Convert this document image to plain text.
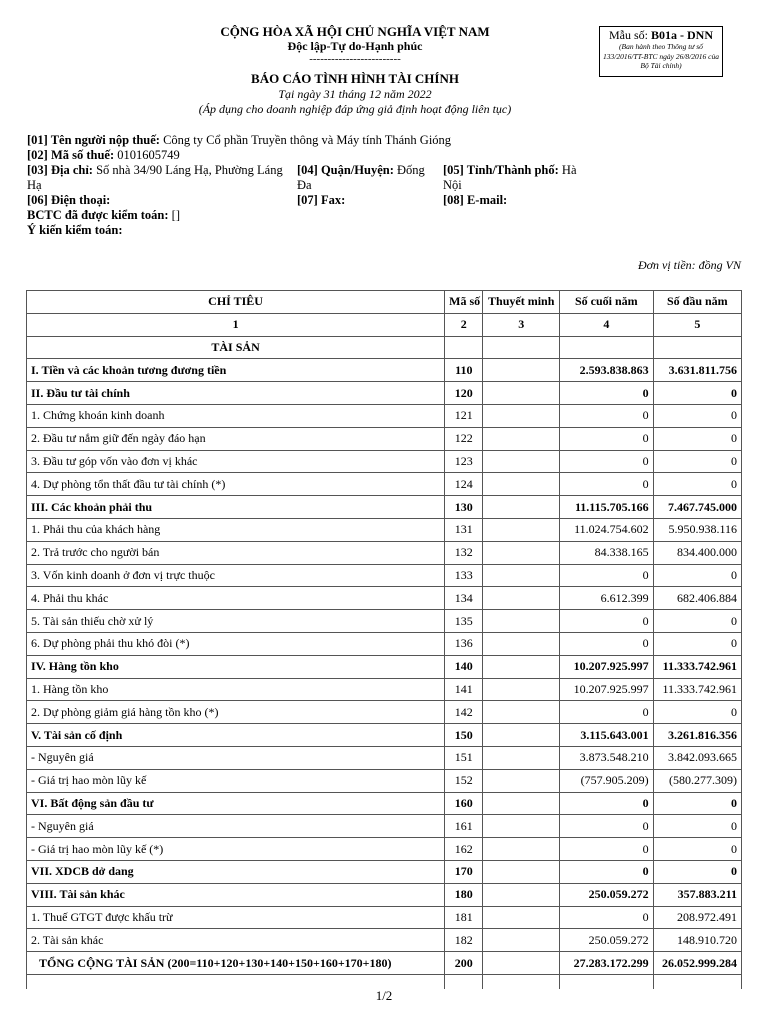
CỘNG HÒA XÃ HỘI CHỦ NGHĨA VIỆT NAM
Độc lập-Tự do-Hạnh phúc
-------------------------
BÁO CÁO TÌNH HÌNH TÀI CHÍNH
Tại ngày 31 tháng 12 năm 2022
(Áp dụng cho doanh nghiệp đáp ứng giả định hoạt động liên tục)
Mẫu số: B01a - DNN
(Ban hành theo Thông tư số 133/2016/TT-BTC ngày 26/8/2016 của Bộ Tài chính)
[01] Tên người nộp thuế: Công ty Cổ phần Truyền thông và Máy tính Thánh Gióng
[02] Mã số thuế: 0101605749
[03] Địa chỉ: Số nhà 34/90 Láng Hạ, Phường Láng Hạ
[04] Quận/Huyện: Đống Đa
[05] Tỉnh/Thành phố: Hà Nội
[06] Điện thoại:	[07] Fax:	[08] E-mail:
BCTC đã được kiểm toán: []
Ý kiến kiểm toán:
Đơn vị tiền: đồng VN
CHỈ TIÊU	Mã số	Thuyết minh	Số cuối năm	Số đầu năm
1	2	3	4	5
TÀI SẢN				
I. Tiền và các khoản tương đương tiền	110		2.593.838.863	3.631.811.756
II. Đầu tư tài chính	120		0	0
1. Chứng khoán kinh doanh	121		0	0
2. Đầu tư nắm giữ đến ngày đáo hạn	122		0	0
3. Đầu tư góp vốn vào đơn vị khác	123		0	0
4. Dự phòng tổn thất đầu tư tài chính (*)	124		0	0
III. Các khoản phải thu	130		11.115.705.166	7.467.745.000
1. Phải thu của khách hàng	131		11.024.754.602	5.950.938.116
2. Trả trước cho người bán	132		84.338.165	834.400.000
3. Vốn kinh doanh ở đơn vị trực thuộc	133		0	0
4. Phải thu khác	134		6.612.399	682.406.884
5. Tài sản thiếu chờ xử lý	135		0	0
6. Dự phòng phải thu khó đòi (*)	136		0	0
IV. Hàng tồn kho	140		10.207.925.997	11.333.742.961
1. Hàng tồn kho	141		10.207.925.997	11.333.742.961
2. Dự phòng giảm giá hàng tồn kho (*)	142		0	0
V. Tài sản cố định	150		3.115.643.001	3.261.816.356
- Nguyên giá	151		3.873.548.210	3.842.093.665
- Giá trị hao mòn lũy kế	152		(757.905.209)	(580.277.309)
VI. Bất động sản đầu tư	160		0	0
- Nguyên giá	161		0	0
- Giá trị hao mòn lũy kế (*)	162		0	0
VII. XDCB dở dang	170		0	0
VIII. Tài sản khác	180		250.059.272	357.883.211
1. Thuế GTGT được khấu trừ	181		0	208.972.491
2. Tài sản khác	182		250.059.272	148.910.720
TỔNG CỘNG TÀI SẢN (200=110+120+130+140+150+160+170+180)	200		27.283.172.299	26.052.999.284

1/2
